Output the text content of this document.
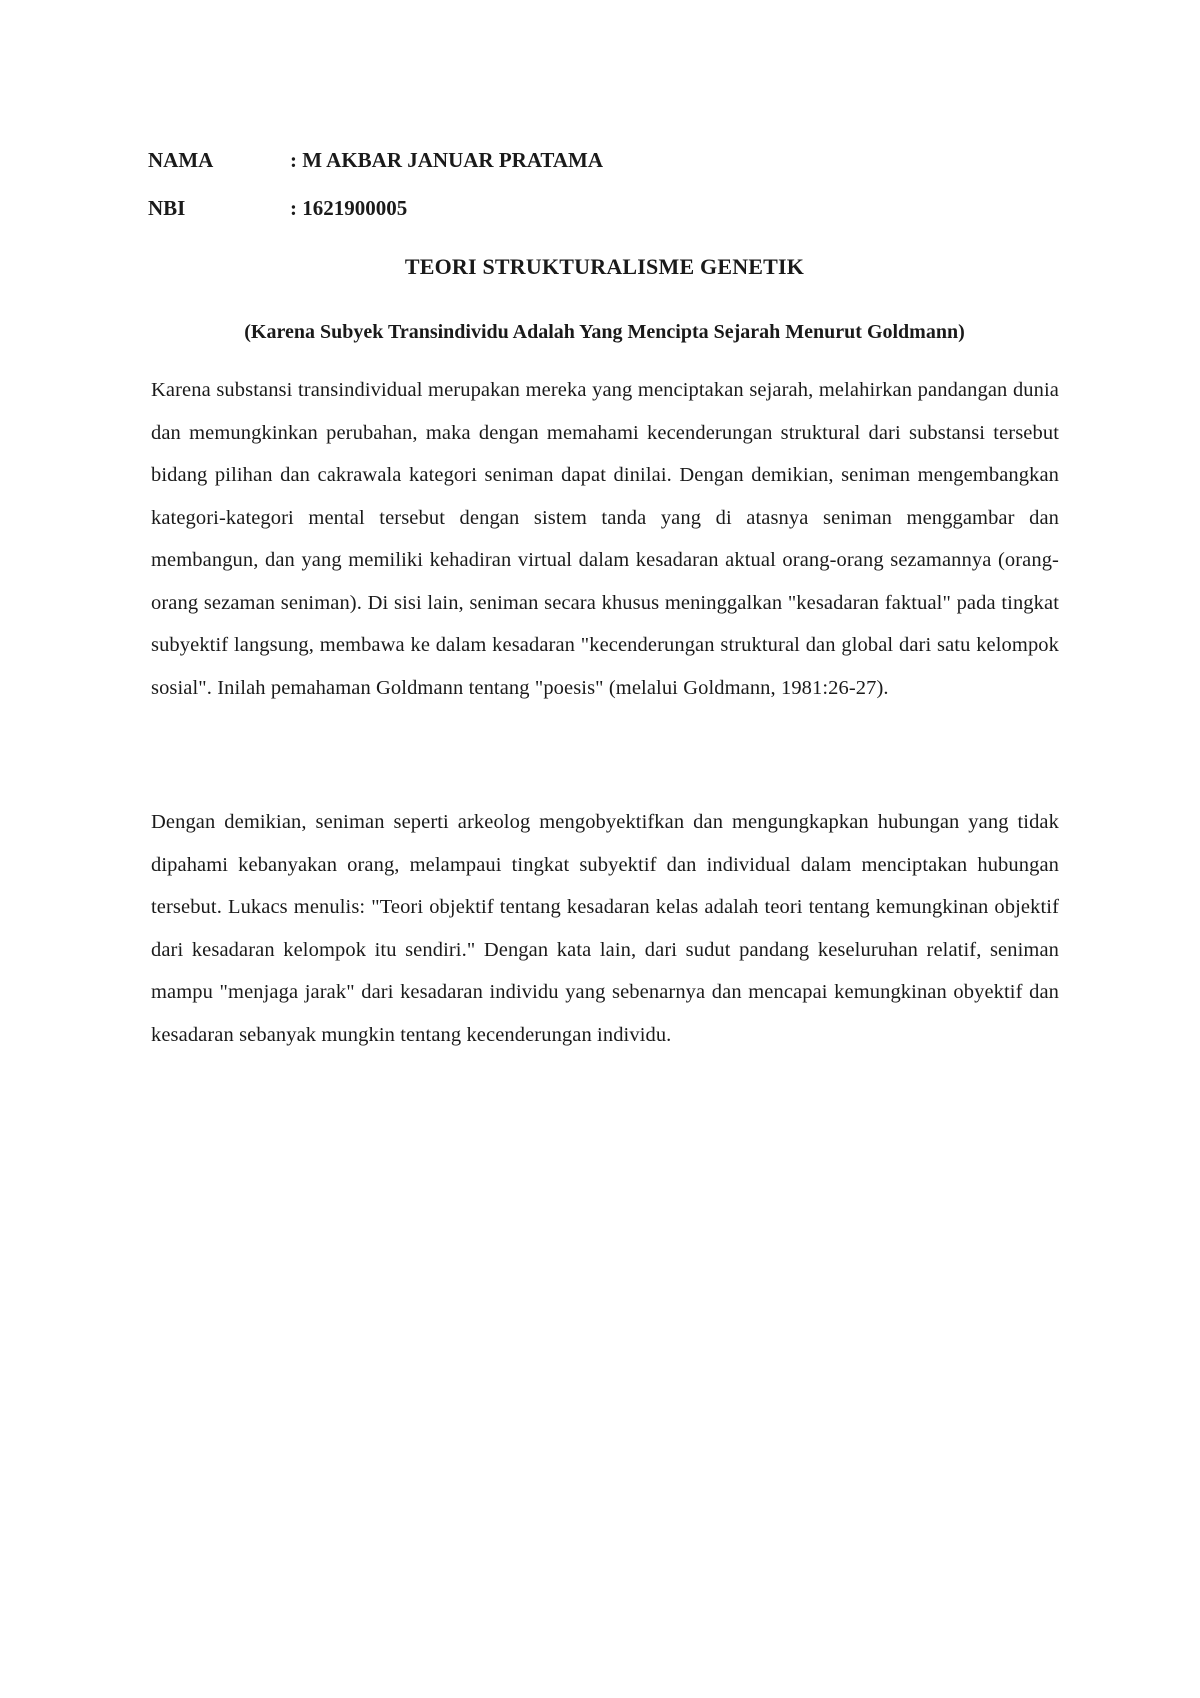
NAMA	: M AKBAR JANUAR PRATAMA
NBI	: 1621900005
TEORI STRUKTURALISME GENETIK
(Karena Subyek Transindividu Adalah Yang Mencipta Sejarah Menurut Goldmann)

Karena substansi transindividual merupakan mereka yang menciptakan sejarah, melahirkan pandangan dunia dan memungkinkan perubahan, maka dengan memahami kecenderungan struktural dari substansi tersebut bidang pilihan dan cakrawala kategori seniman dapat dinilai. Dengan demikian, seniman mengembangkan kategori-kategori mental tersebut dengan sistem tanda yang di atasnya seniman menggambar dan membangun, dan yang memiliki kehadiran virtual dalam kesadaran aktual orang-orang sezamannya (orang-orang sezaman seniman). Di sisi lain, seniman secara khusus meninggalkan "kesadaran faktual" pada tingkat subyektif langsung, membawa ke dalam kesadaran "kecenderungan struktural dan global dari satu kelompok sosial". Inilah pemahaman Goldmann tentang "poesis" (melalui Goldmann, 1981:26-27).

Dengan demikian, seniman seperti arkeolog mengobyektifkan dan mengungkapkan hubungan yang tidak dipahami kebanyakan orang, melampaui tingkat subyektif dan individual dalam menciptakan hubungan tersebut. Lukacs menulis: "Teori objektif tentang kesadaran kelas adalah teori tentang kemungkinan objektif dari kesadaran kelompok itu sendiri." Dengan kata lain, dari sudut pandang keseluruhan relatif, seniman mampu "menjaga jarak" dari kesadaran individu yang sebenarnya dan mencapai kemungkinan obyektif dan kesadaran sebanyak mungkin tentang kecenderungan individu.
